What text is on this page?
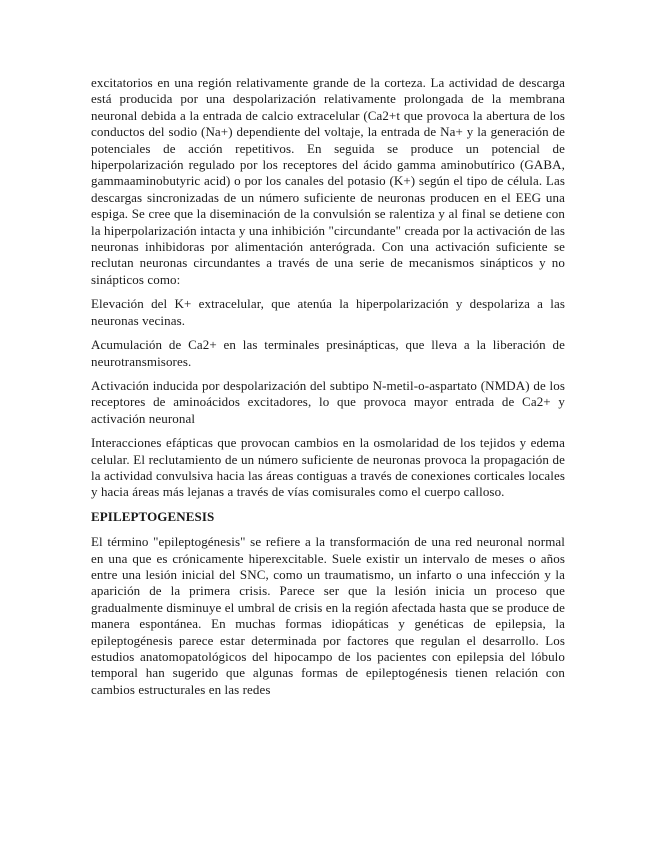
excitatorios en una región relativamente grande de la corteza. La actividad de descarga está producida por una despolarización relativamente prolongada de la membrana neuronal debida a la entrada de calcio extracelular (Ca2+t que provoca la abertura de los conductos del sodio (Na+) dependiente del voltaje, la entrada de Na+ y la generación de potenciales de acción repetitivos. En seguida se produce un potencial de hiperpolarización regulado por los receptores del ácido gamma aminobutírico (GABA, gammaaminobutyric acid) o por los canales del potasio (K+) según el tipo de célula. Las descargas sincronizadas de un número suficiente de neuronas producen en el EEG una espiga. Se cree que la diseminación de la convulsión se ralentiza y al final se detiene con la hiperpolarización intacta y una inhibición "circundante" creada por la activación de las neuronas inhibidoras por alimentación anterógrada. Con una activación suficiente se reclutan neuronas circundantes a través de una serie de mecanismos sinápticos y no sinápticos como:

Elevación del K+ extracelular, que atenúa la hiperpolarización y despolariza a las neuronas vecinas.

Acumulación de Ca2+ en las terminales presinápticas, que lleva a la liberación de neurotransmisores.

Activación inducida por despolarización del subtipo N-metil-o-aspartato (NMDA) de los receptores de aminoácidos excitadores, lo que provoca mayor entrada de Ca2+ y activación neuronal

Interacciones efápticas que provocan cambios en la osmolaridad de los tejidos y edema celular. El reclutamiento de un número suficiente de neuronas provoca la propagación de la actividad convulsiva hacia las áreas contiguas a través de conexiones corticales locales y hacia áreas más lejanas a través de vías comisurales como el cuerpo calloso.

EPILEPTOGENESIS

El término "epileptogénesis" se refiere a la transformación de una red neuronal normal en una que es crónicamente hiperexcitable. Suele existir un intervalo de meses o años entre una lesión inicial del SNC, como un traumatismo, un infarto o una infección y la aparición de la primera crisis. Parece ser que la lesión inicia un proceso que gradualmente disminuye el umbral de crisis en la región afectada hasta que se produce de manera espontánea. En muchas formas idiopáticas y genéticas de epilepsia, la epileptogénesis parece estar determinada por factores que regulan el desarrollo. Los estudios anatomopatológicos del hipocampo de los pacientes con epilepsia del lóbulo temporal han sugerido que algunas formas de epileptogénesis tienen relación con cambios estructurales en las redes
